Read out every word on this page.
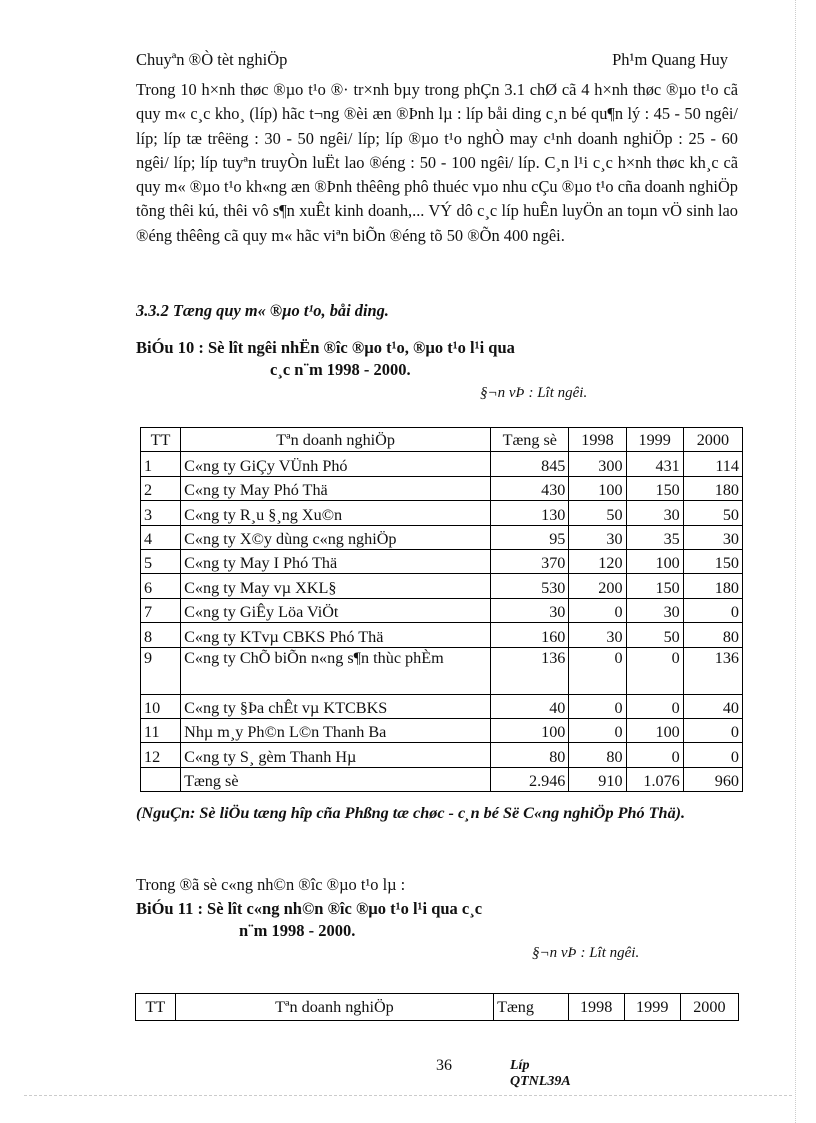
Chuyªn ®Ò tèt nghiÖp	Ph¹m Quang Huy
Trong 10 h×nh thøc ®µo t¹o ®· tr×nh bµy trong phÇn 3.1 chØ cã 4 h×nh thøc ®µo t¹o cã quy m« c¸c kho¸ (líp) hãc t¬ng ®èi æn ®Þnh lµ : líp båi ding c¸n bé qu¶n lý : 45 - 50 ngêi/ líp; líp tæ trêëng : 30 - 50 ngêi/ líp; líp ®µo t¹o nghÒ may c¹nh doanh nghiÖp : 25 - 60 ngêi/ líp; líp tuyªn truyÒn luËt lao ®éng : 50 - 100 ngêi/ líp. C¸n l¹i c¸c h×nh thøc kh¸c cã quy m« ®µo t¹o kh«ng æn ®Þnh thêêng phô thuéc vµo nhu cÇu ®µo t¹o cña doanh nghiÖp tõng thêi kú, thêi vô s¶n xuÊt kinh doanh,... VÝ dô c¸c líp huÊn luyÖn an toµn vÖ sinh lao ®éng thêêng cã quy m« hãc viªn biÕn ®éng tõ 50 ®Õn 400 ngêi.
3.3.2 Tæng quy m« ®µo t¹o, båi ding.
BiÓu 10 : Sè lît ngêi nhËn ®îc ®µo t¹o, ®µo t¹o l¹i qua
c¸c n¨m 1998 - 2000.
§¬n vÞ : Lît ngêi.
TT	Tªn doanh nghiÖp	Tæng sè	1998	1999	2000
1	C«ng ty GiÇy VÜnh Phó	845	300	431	114
2	C«ng ty May Phó Thä	430	100	150	180
3	C«ng ty R¸u §¸ng Xu©n	130	50	30	50
4	C«ng ty X©y dùng c«ng nghiÖp	95	30	35	30
5	C«ng ty May I Phó Thä	370	120	100	150
6	C«ng ty May vµ XKL§	530	200	150	180
7	C«ng ty GiÊy Löa ViÖt	30	0	30	0
8	C«ng ty KTvµ CBKS Phó Thä	160	30	50	80
9	C«ng ty ChÕ biÕn n«ng s¶n thùc phÈm	136	0	0	136
10	C«ng ty §Þa chÊt vµ KTCBKS	40	0	0	40
11	Nhµ m¸y Ph©n L©n Thanh Ba	100	0	100	0
12	C«ng ty S¸ gèm Thanh Hµ	80	80	0	0
	Tæng sè	2.946	910	1.076	960
(NguÇn: Sè liÖu tæng hîp cña Phßng tæ chøc - c¸n bé Së C«ng nghiÖp Phó Thä).
Trong ®ã sè c«ng nh©n ®îc ®µo t¹o lµ :
BiÓu 11 : Sè lît c«ng nh©n ®îc ®µo t¹o l¹i qua c¸c
n¨m 1998 - 2000.
§¬n vÞ : Lît ngêi.
TT	Tªn doanh nghiÖp	Tæng	1998	1999	2000
36	Líp QTNL39A
